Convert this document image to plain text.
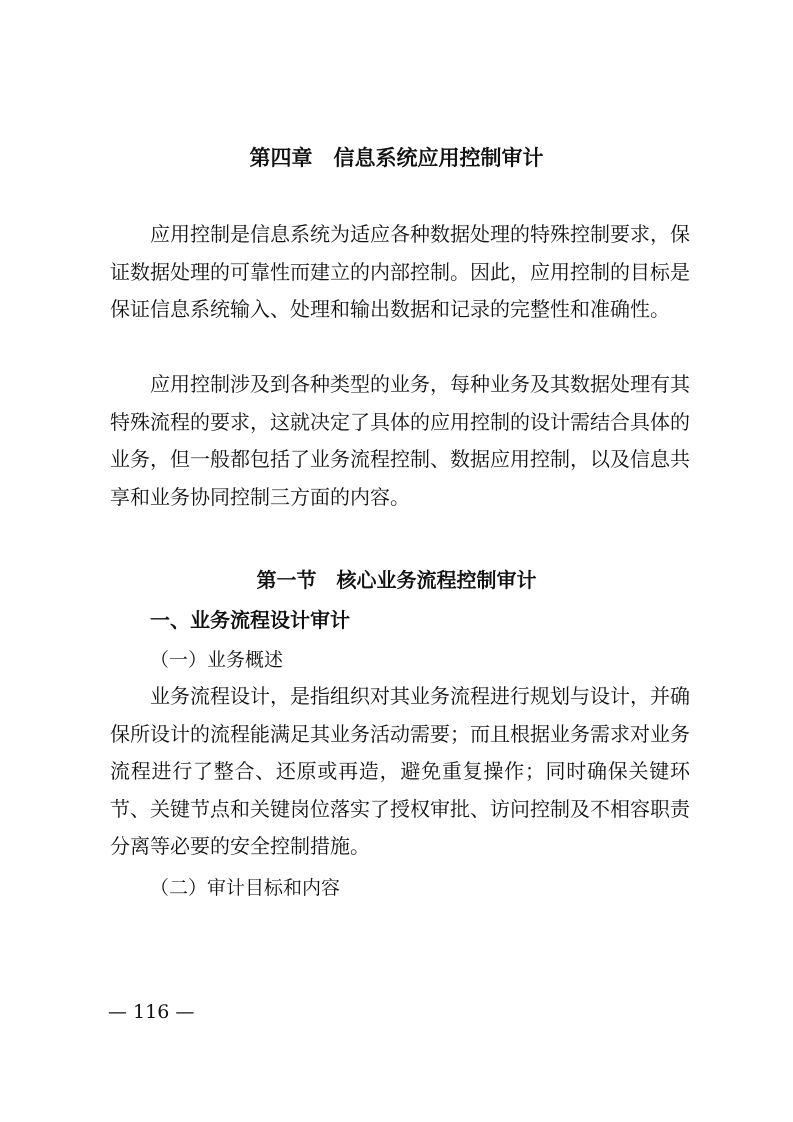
第四章　信息系统应用控制审计

应用控制是信息系统为适应各种数据处理的特殊控制要求，保证数据处理的可靠性而建立的内部控制。因此，应用控制的目标是保证信息系统输入、处理和输出数据和记录的完整性和准确性。

应用控制涉及到各种类型的业务，每种业务及其数据处理有其特殊流程的要求，这就决定了具体的应用控制的设计需结合具体的业务，但一般都包括了业务流程控制、数据应用控制，以及信息共享和业务协同控制三方面的内容。

第一节　核心业务流程控制审计
一、业务流程设计审计
（一）业务概述

业务流程设计，是指组织对其业务流程进行规划与设计，并确保所设计的流程能满足其业务活动需要；而且根据业务需求对业务流程进行了整合、还原或再造，避免重复操作；同时确保关键环节、关键节点和关键岗位落实了授权审批、访问控制及不相容职责分离等必要的安全控制措施。

（二）审计目标和内容
— 116 —
